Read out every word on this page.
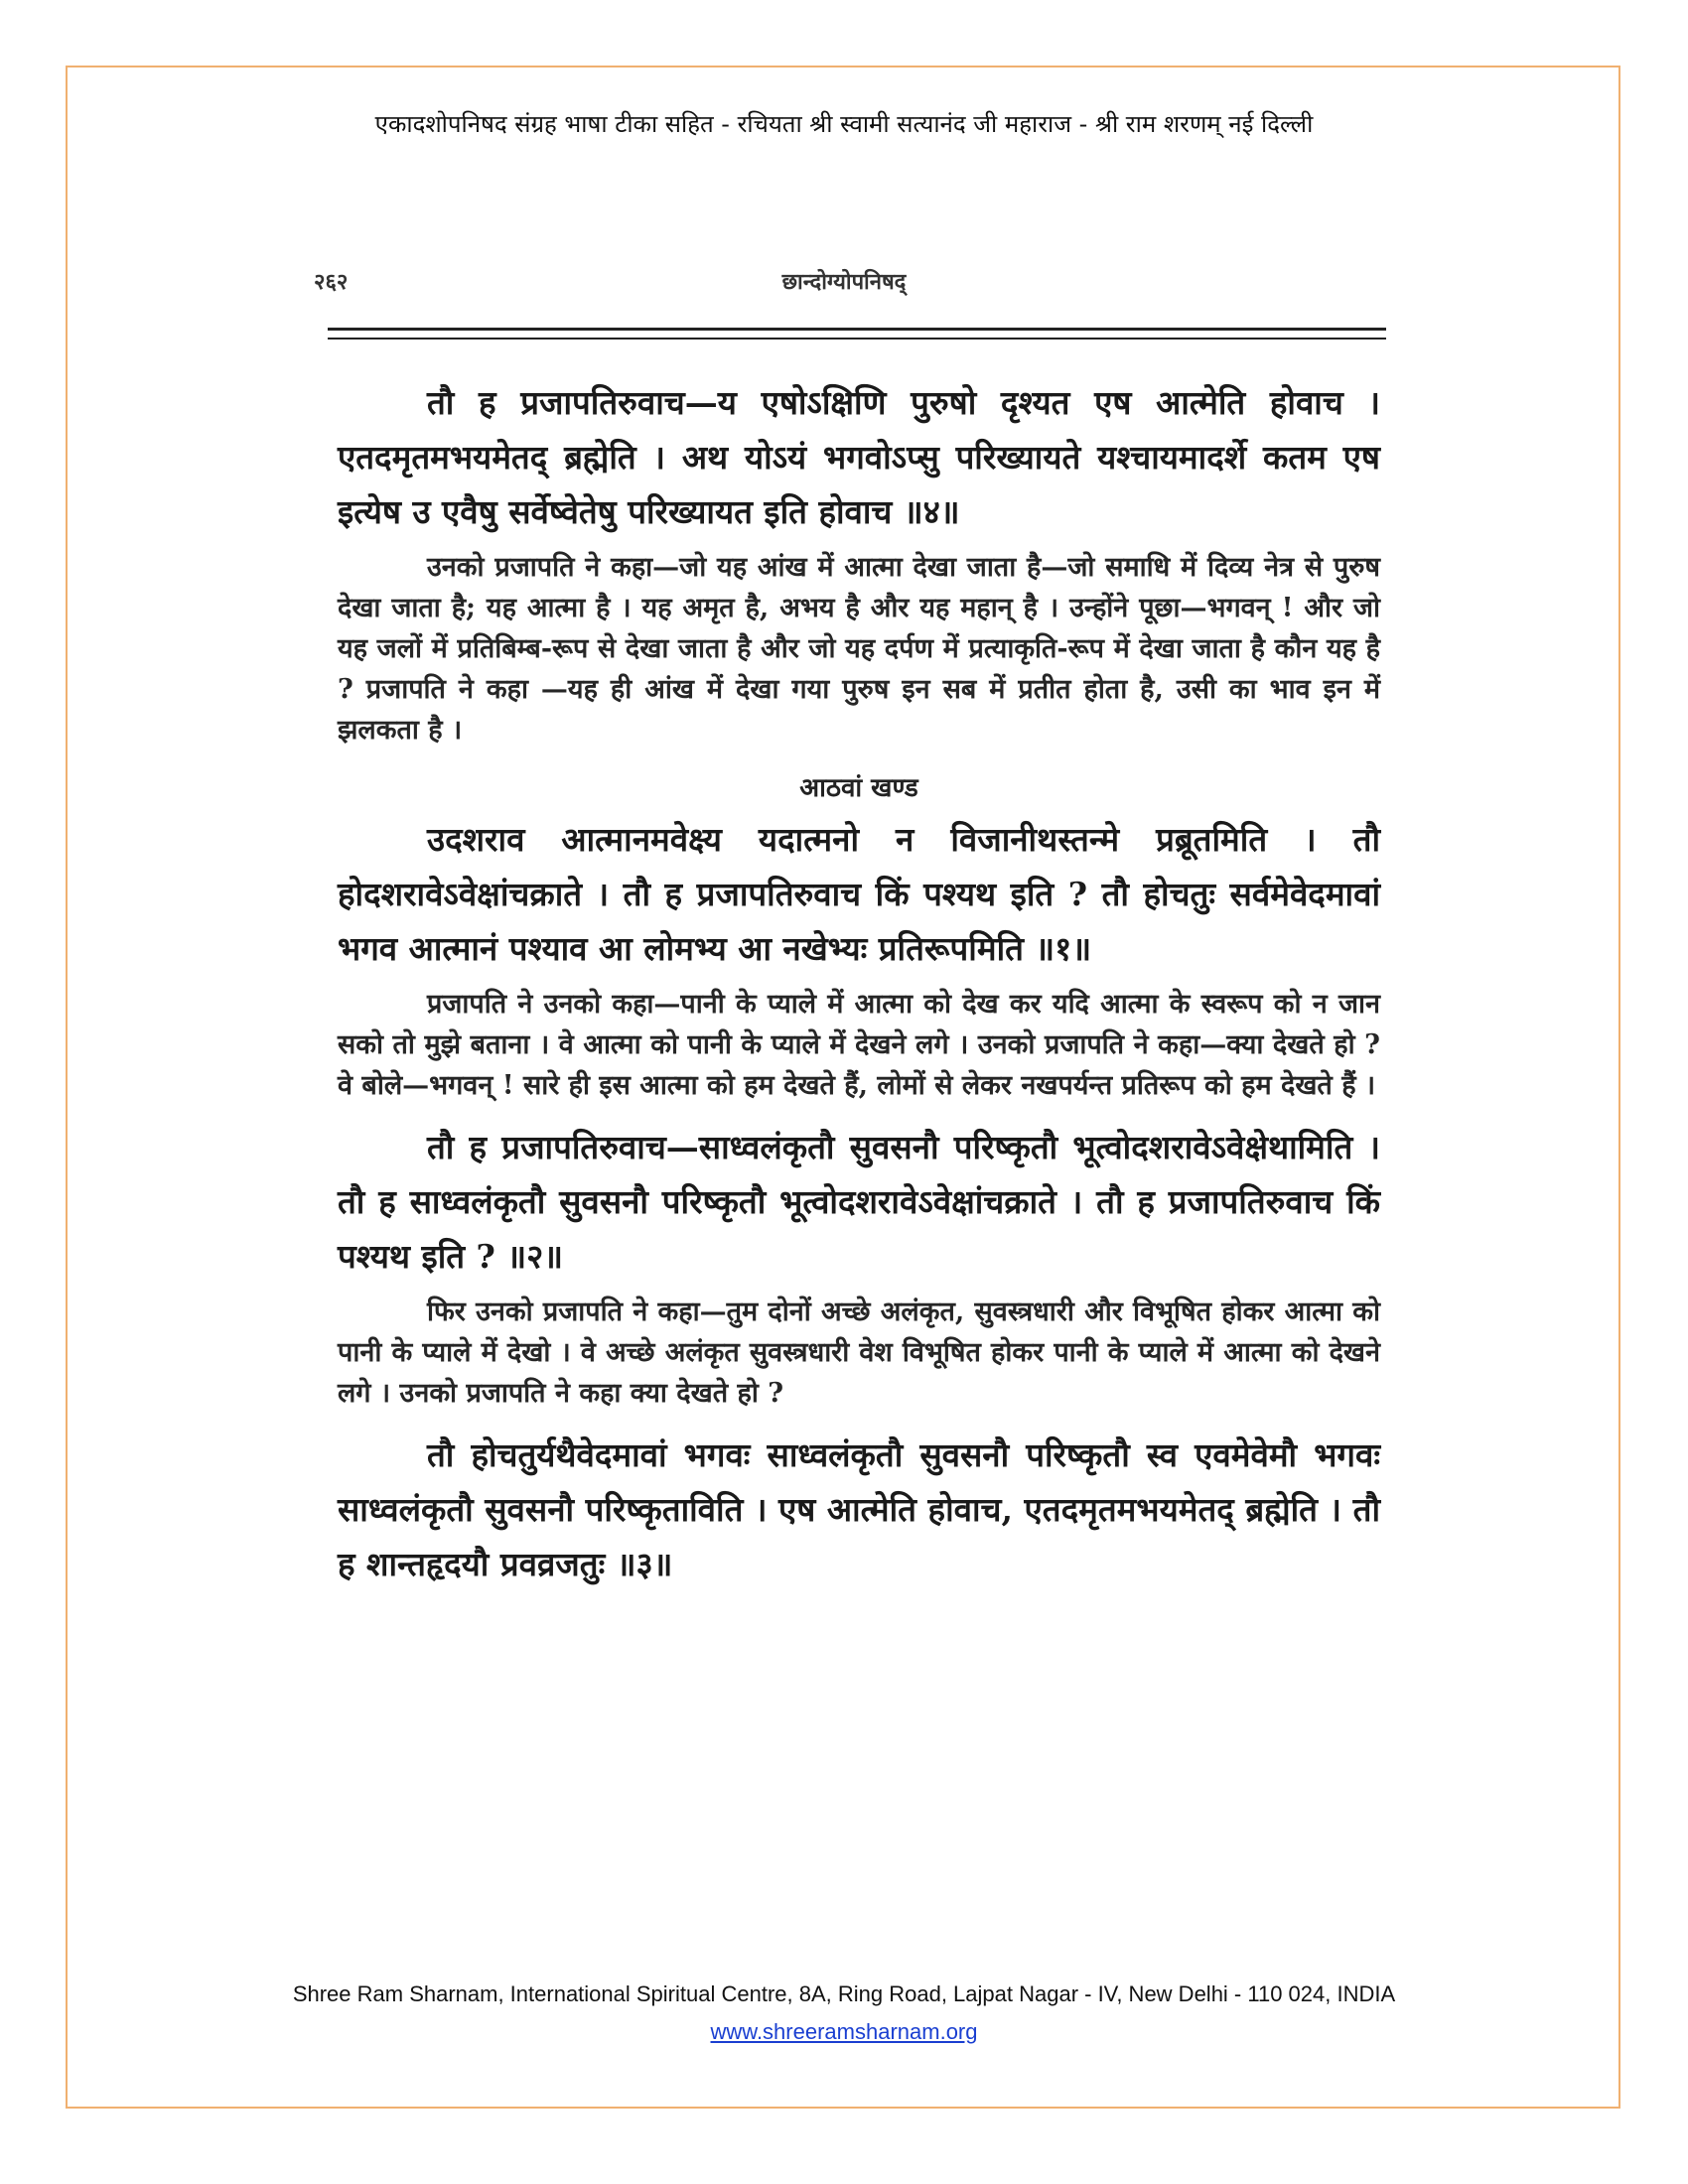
एकादशोपनिषद संग्रह भाषा टीका सहित - रचियता श्री स्वामी सत्यानंद जी महाराज - श्री राम शरणम् नई दिल्ली
२६२	छान्दोग्योपनिषद्

तौ ह प्रजापतिरुवाच—य एषोऽक्षिणि पुरुषो दृश्यत एष आत्मेति होवाच । एतदमृतमभयमेतद् ब्रह्मेति । अथ योऽयं भगवोऽप्सु परिख्यायते यश्चायमादर्शे कतम एष इत्येष उ एवैषु सर्वेष्वेतेषु परिख्यायत इति होवाच ॥४॥

उनको प्रजापति ने कहा—जो यह आंख में आत्मा देखा जाता है—जो समाधि में दिव्य नेत्र से पुरुष देखा जाता है; यह आत्मा है । यह अमृत है, अभय है और यह महान् है । उन्होंने पूछा—भगवन् ! और जो यह जलों में प्रतिबिम्ब-रूप से देखा जाता है और जो यह दर्पण में प्रत्याकृति-रूप में देखा जाता है कौन यह है ? प्रजापति ने कहा —यह ही आंख में देखा गया पुरुष इन सब में प्रतीत होता है, उसी का भाव इन में झलकता है ।

आठवां खण्ड

उदशराव आत्मानमवेक्ष्य यदात्मनो न विजानीथस्तन्मे प्रब्रूतमिति । तौ होदशरावेऽवेक्षांचक्राते । तौ ह प्रजापतिरुवाच किं पश्यथ इति ? तौ होचतुः सर्वमेवेदमावां भगव आत्मानं पश्याव आ लोमभ्य आ नखेभ्यः प्रतिरूपमिति ॥१॥

प्रजापति ने उनको कहा—पानी के प्याले में आत्मा को देख कर यदि आत्मा के स्वरूप को न जान सको तो मुझे बताना । वे आत्मा को पानी के प्याले में देखने लगे । उनको प्रजापति ने कहा—क्या देखते हो ? वे बोले—भगवन् ! सारे ही इस आत्मा को हम देखते हैं, लोमों से लेकर नखपर्यन्त प्रतिरूप को हम देखते हैं ।

तौ ह प्रजापतिरुवाच—साध्वलंकृतौ सुवसनौ परिष्कृतौ भूत्वोदशरावेऽवेक्षेथामिति । तौ ह साध्वलंकृतौ सुवसनौ परिष्कृतौ भूत्वोदशरावेऽवेक्षांचक्राते । तौ ह प्रजापतिरुवाच किं पश्यथ इति ? ॥२॥

फिर उनको प्रजापति ने कहा—तुम दोनों अच्छे अलंकृत, सुवस्त्रधारी और विभूषित होकर आत्मा को पानी के प्याले में देखो । वे अच्छे अलंकृत सुवस्त्रधारी वेश विभूषित होकर पानी के प्याले में आत्मा को देखने लगे । उनको प्रजापति ने कहा क्या देखते हो ?

तौ होचतुर्यथैवेदमावां भगवः साध्वलंकृतौ सुवसनौ परिष्कृतौ स्व एवमेवेमौ भगवः साध्वलंकृतौ सुवसनौ परिष्कृताविति । एष आत्मेति होवाच, एतदमृतमभयमेतद् ब्रह्मेति । तौ ह शान्तहृदयौ प्रवव्रजतुः ॥३॥

Shree Ram Sharnam, International Spiritual Centre, 8A, Ring Road, Lajpat Nagar - IV, New Delhi - 110 024, INDIA
www.shreeramsharnam.org
